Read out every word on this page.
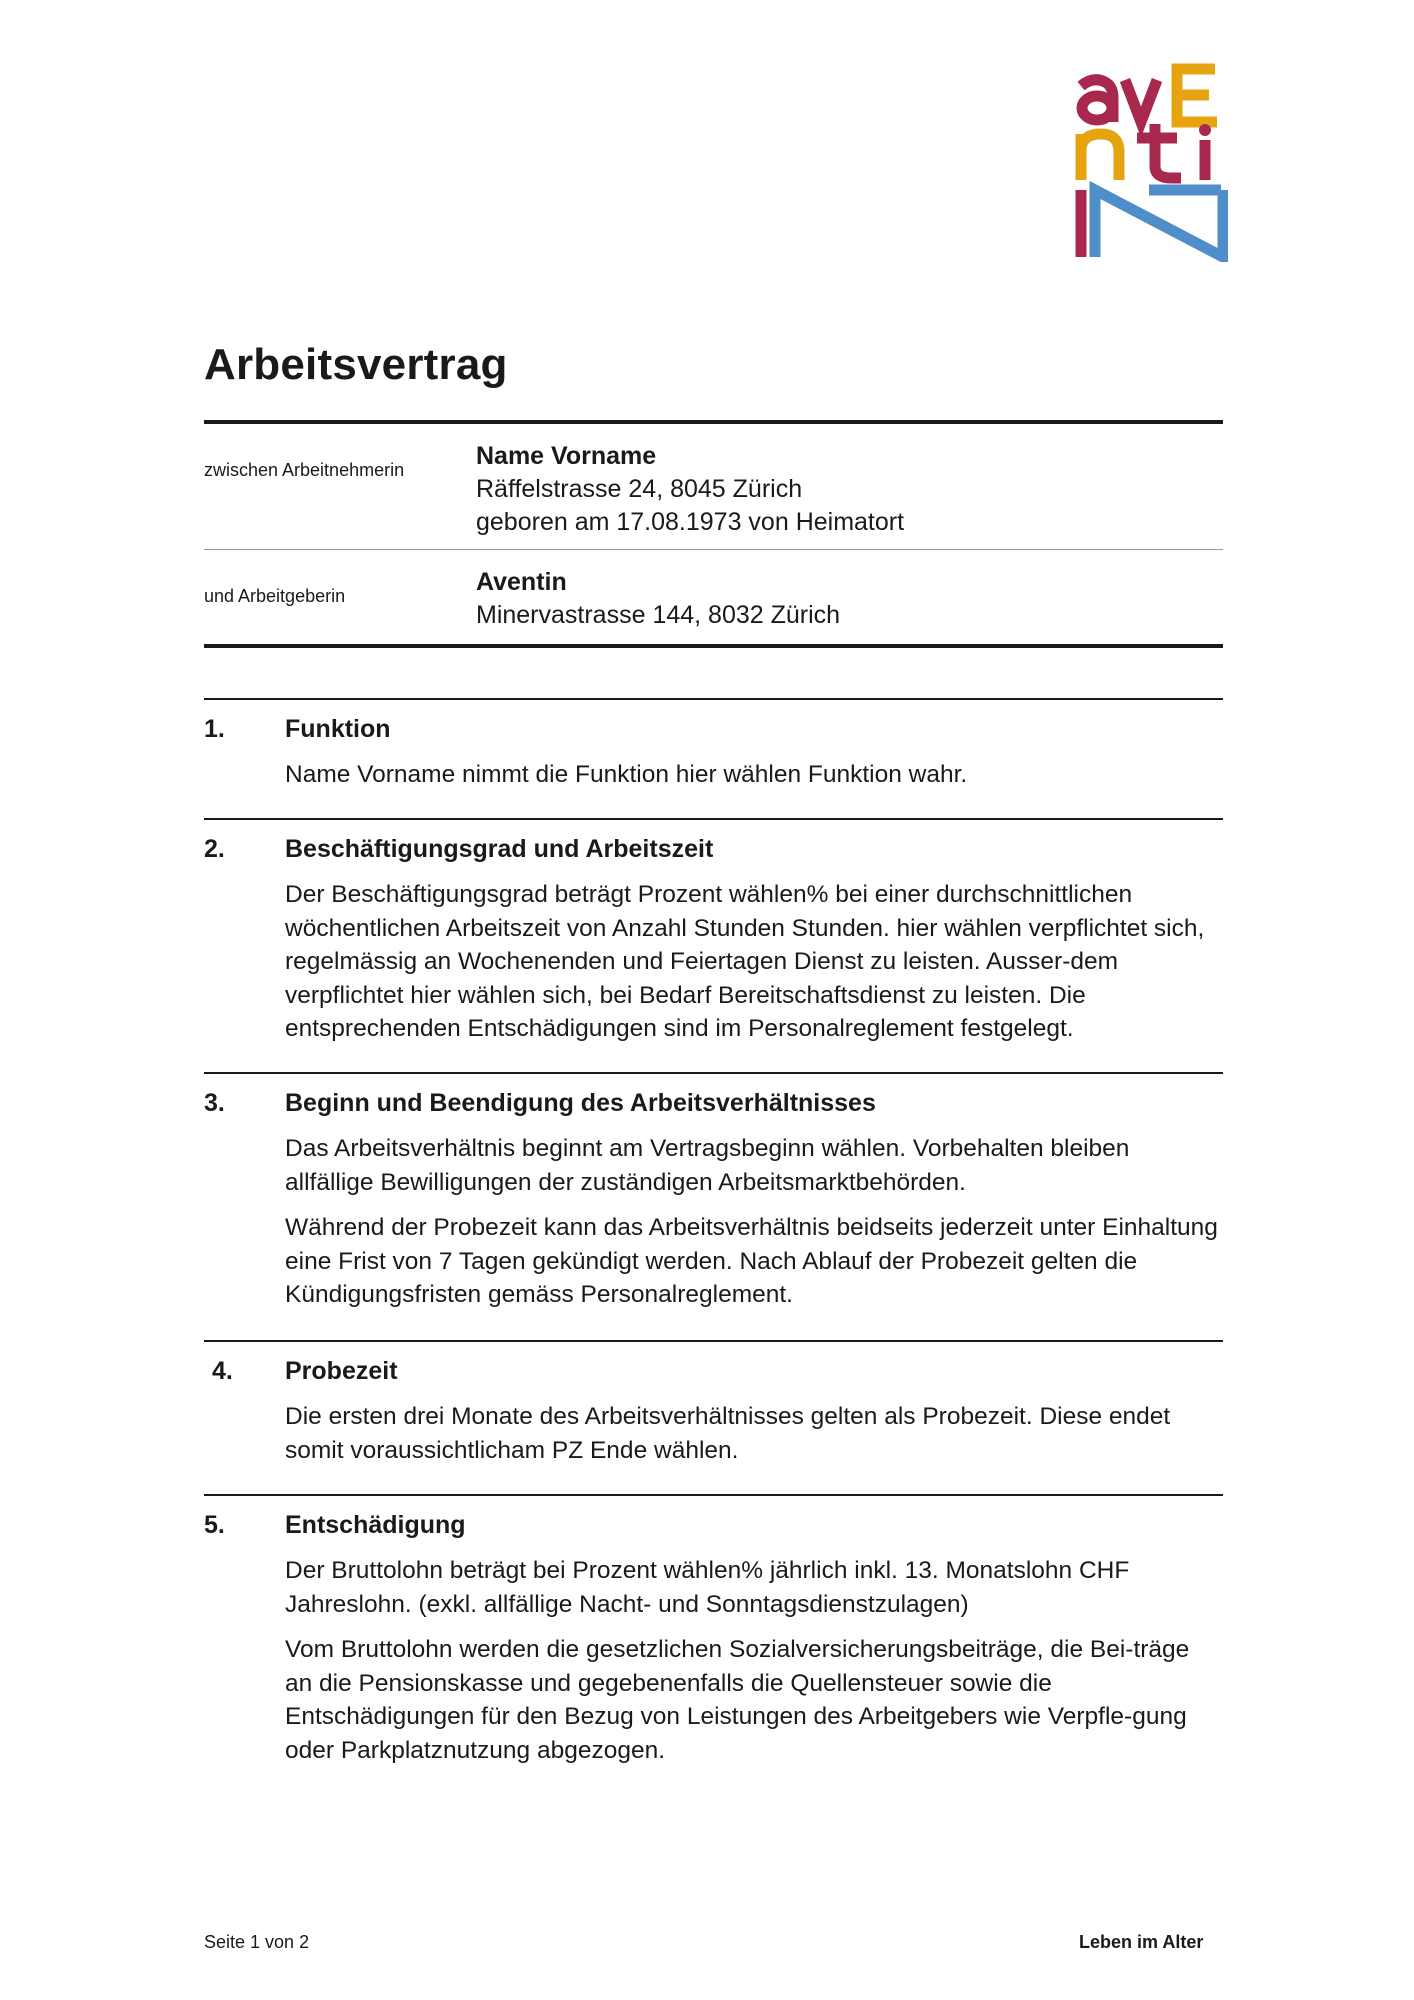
Arbeitsvertrag
zwischen Arbeitnehmerin	Name Vorname
Räffelstrasse 24, 8045 Zürich
geboren am 17.08.1973 von Heimatort
und Arbeitgeberin	Aventin
Minervastrasse 144, 8032 Zürich
1.	Funktion

Name Vorname nimmt die Funktion hier wählen Funktion wahr.

2.	Beschäftigungsgrad und Arbeitszeit

Der Beschäftigungsgrad beträgt Prozent wählen% bei einer durchschnittlichen wöchentlichen Arbeitszeit von Anzahl Stunden Stunden. hier wählen verpflichtet sich, regelmässig an Wochenenden und Feiertagen Dienst zu leisten. Ausser-dem verpflichtet hier wählen sich, bei Bedarf Bereitschaftsdienst zu leisten. Die entsprechenden Entschädigungen sind im Personalreglement festgelegt.

3.	Beginn und Beendigung des Arbeitsverhältnisses

Das Arbeitsverhältnis beginnt am Vertragsbeginn wählen. Vorbehalten bleiben allfällige Bewilligungen der zuständigen Arbeitsmarktbehörden.

Während der Probezeit kann das Arbeitsverhältnis beidseits jederzeit unter Einhaltung eine Frist von 7 Tagen gekündigt werden. Nach Ablauf der Probezeit gelten die Kündigungsfristen gemäss Personalreglement.

4.	Probezeit

Die ersten drei Monate des Arbeitsverhältnisses gelten als Probezeit. Diese endet somit voraussichtlicham PZ Ende wählen.

5.	Entschädigung

Der Bruttolohn beträgt bei Prozent wählen% jährlich inkl. 13. Monatslohn CHF Jahreslohn. (exkl. allfällige Nacht- und Sonntagsdienstzulagen)

Vom Bruttolohn werden die gesetzlichen Sozialversicherungsbeiträge, die Bei-träge an die Pensionskasse und gegebenenfalls die Quellensteuer sowie die Entschädigungen für den Bezug von Leistungen des Arbeitgebers wie Verpfle-gung oder Parkplatznutzung abgezogen.

Seite 1 von 2	Leben im Alter
